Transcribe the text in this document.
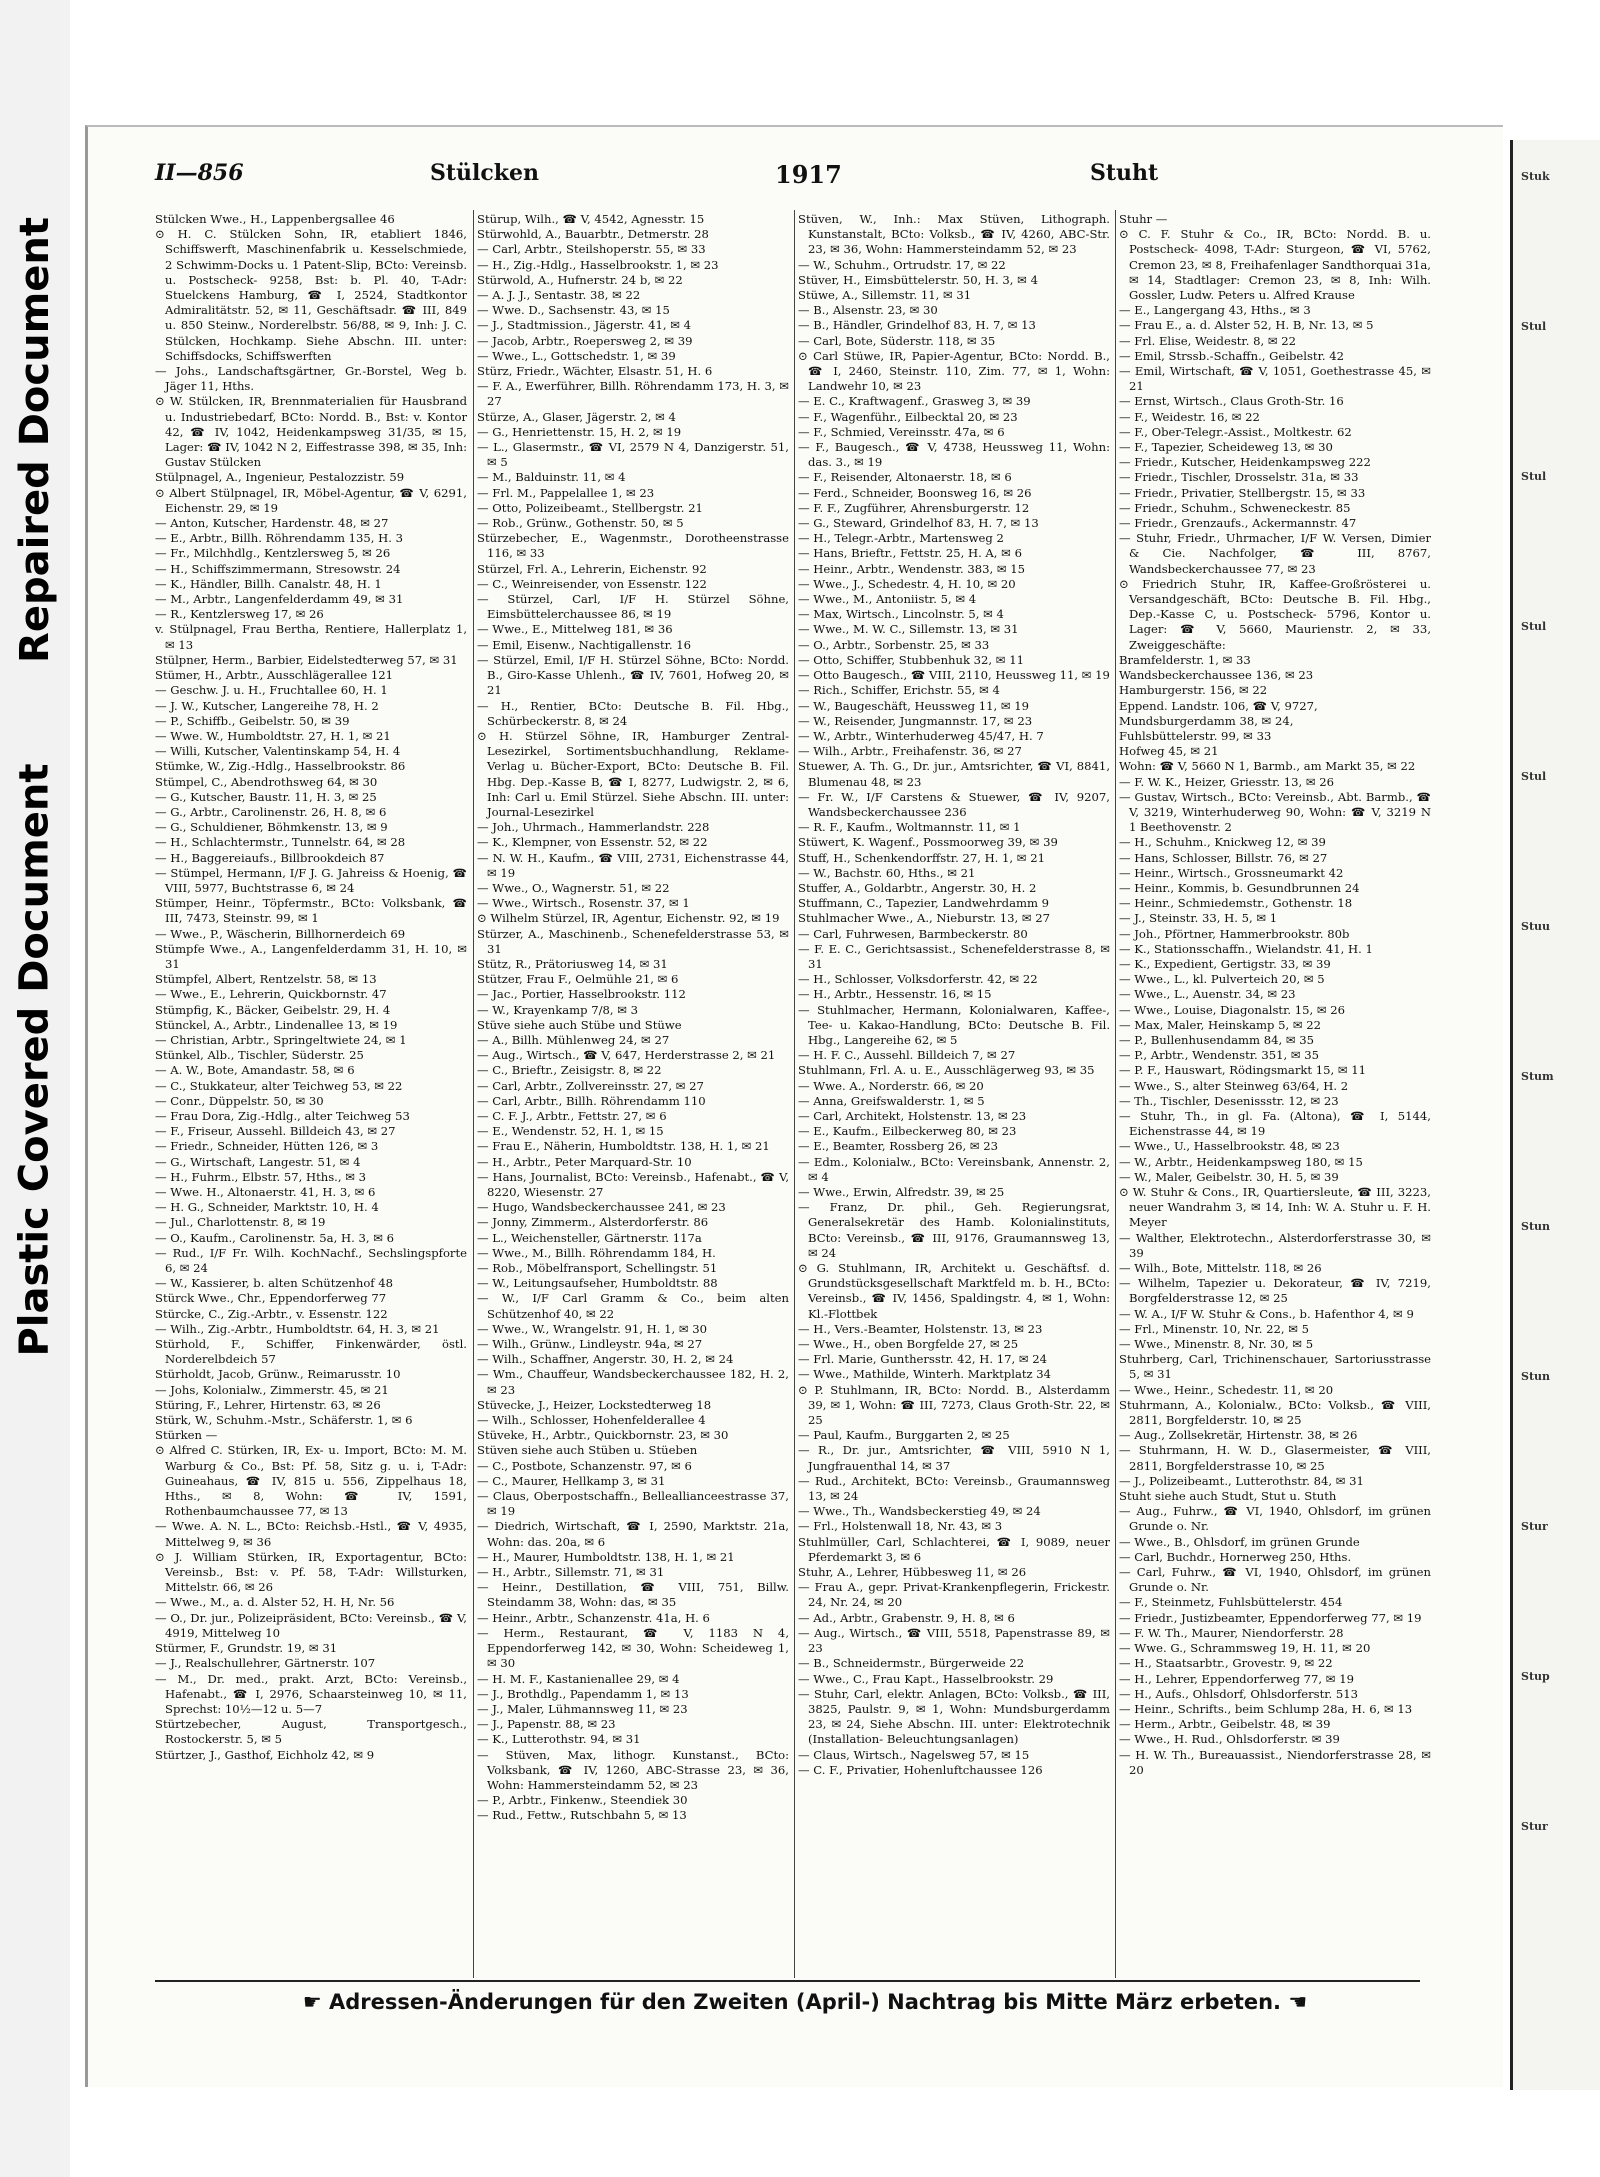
Repaired Document
Plastic Covered Document
Stuk
Stul
Stul
Stul
Stul
Stuu
Stum
Stun
Stun
Stur
Stup
Stur
II—856	Stülcken	1917	Stuht

Stülcken Wwe., H., Lappenbergsallee 46

⊙ H. C. Stülcken Sohn, IR, etabliert 1846, Schiffswerft, Maschinenfabrik u. Kesselschmiede, 2 Schwimm-Docks u. 1 Patent-Slip, BCto: Vereinsb. u. Postscheck- 9258, Bst: b. Pl. 40, T-Adr: Stuelckens Hamburg, ☎ I, 2524, Stadtkontor Admiralitätstr. 52, ✉ 11, Geschäftsadr. ☎ III, 849 u. 850 Steinw., Norderelbstr. 56/88, ✉ 9, Inh: J. C. Stülcken, Hochkamp. Siehe Abschn. III. unter: Schiffsdocks, Schiffswerften

— Johs., Landschaftsgärtner, Gr.-Borstel, Weg b. Jäger 11, Hths.

⊙ W. Stülcken, IR, Brennmaterialien für Hausbrand u. Industriebedarf, BCto: Nordd. B., Bst: v. Kontor 42, ☎ IV, 1042, Heidenkampsweg 31/35, ✉ 15, Lager: ☎ IV, 1042 N 2, Eiffestrasse 398, ✉ 35, Inh: Gustav Stülcken

Stülpnagel, A., Ingenieur, Pestalozzistr. 59

⊙ Albert Stülpnagel, IR, Möbel-Agentur, ☎ V, 6291, Eichenstr. 29, ✉ 19

— Anton, Kutscher, Hardenstr. 48, ✉ 27

— E., Arbtr., Billh. Röhrendamm 135, H. 3

— Fr., Milchhdlg., Kentzlersweg 5, ✉ 26

— H., Schiffszimmermann, Stresowstr. 24

— K., Händler, Billh. Canalstr. 48, H. 1

— M., Arbtr., Langenfelderdamm 49, ✉ 31

— R., Kentzlersweg 17, ✉ 26

v. Stülpnagel, Frau Bertha, Rentiere, Hallerplatz 1, ✉ 13

Stülpner, Herm., Barbier, Eidelstedterweg 57, ✉ 31

Stümer, H., Arbtr., Ausschlägerallee 121

— Geschw. J. u. H., Fruchtallee 60, H. 1

— J. W., Kutscher, Langereihe 78, H. 2

— P., Schiffb., Geibelstr. 50, ✉ 39

— Wwe. W., Humboldtstr. 27, H. 1, ✉ 21

— Willi, Kutscher, Valentinskamp 54, H. 4

Stümke, W., Zig.-Hdlg., Hasselbrookstr. 86

Stümpel, C., Abendrothsweg 64, ✉ 30

— G., Kutscher, Baustr. 11, H. 3, ✉ 25

— G., Arbtr., Carolinenstr. 26, H. 8, ✉ 6

— G., Schuldiener, Böhmkenstr. 13, ✉ 9

— H., Schlachtermstr., Tunnelstr. 64, ✉ 28

— H., Baggereiaufs., Billbrookdeich 87

— Stümpel, Hermann, I/F J. G. Jahreiss & Hoenig, ☎ VIII, 5977, Buchtstrasse 6, ✉ 24

Stümper, Heinr., Töpfermstr., BCto: Volksbank, ☎ III, 7473, Steinstr. 99, ✉ 1

— Wwe., P., Wäscherin, Billhornerdeich 69

Stümpfe Wwe., A., Langenfelderdamm 31, H. 10, ✉ 31

Stümpfel, Albert, Rentzelstr. 58, ✉ 13

— Wwe., E., Lehrerin, Quickbornstr. 47

Stümpfig, K., Bäcker, Geibelstr. 29, H. 4

Stünckel, A., Arbtr., Lindenallee 13, ✉ 19

— Christian, Arbtr., Springeltwiete 24, ✉ 1

Stünkel, Alb., Tischler, Süderstr. 25

— A. W., Bote, Amandastr. 58, ✉ 6

— C., Stukkateur, alter Teichweg 53, ✉ 22

— Conr., Düppelstr. 50, ✉ 30

— Frau Dora, Zig.-Hdlg., alter Teichweg 53

— F., Friseur, Aussehl. Billdeich 43, ✉ 27

— Friedr., Schneider, Hütten 126, ✉ 3

— G., Wirtschaft, Langestr. 51, ✉ 4

— H., Fuhrm., Elbstr. 57, Hths., ✉ 3

— Wwe. H., Altonaerstr. 41, H. 3, ✉ 6

— H. G., Schneider, Marktstr. 10, H. 4

— Jul., Charlottenstr. 8, ✉ 19

— O., Kaufm., Carolinenstr. 5a, H. 3, ✉ 6

— Rud., I/F Fr. Wilh. KochNachf., Sechslingspforte 6, ✉ 24

— W., Kassierer, b. alten Schützenhof 48

Stürck Wwe., Chr., Eppendorferweg 77

Stürcke, C., Zig.-Arbtr., v. Essenstr. 122

— Wilh., Zig.-Arbtr., Humboldtstr. 64, H. 3, ✉ 21

Stürhold, F., Schiffer, Finkenwärder, östl. Norderelbdeich 57

Stürholdt, Jacob, Grünw., Reimarusstr. 10

— Johs, Kolonialw., Zimmerstr. 45, ✉ 21

Stüring, F., Lehrer, Hirtenstr. 63, ✉ 26

Stürk, W., Schuhm.-Mstr., Schäferstr. 1, ✉ 6

Stürken —

⊙ Alfred C. Stürken, IR, Ex- u. Import, BCto: M. M. Warburg & Co., Bst: Pf. 58, Sitz g. u. i, T-Adr: Guineahaus, ☎ IV, 815 u. 556, Zippelhaus 18, Hths., ✉ 8, Wohn: ☎ IV, 1591, Rothenbaumchaussee 77, ✉ 13

— Wwe. A. N. L., BCto: Reichsb.-Hstl., ☎ V, 4935, Mittelweg 9, ✉ 36

⊙ J. William Stürken, IR, Exportagentur, BCto: Vereinsb., Bst: v. Pf. 58, T-Adr: Willsturken, Mittelstr. 66, ✉ 26

— Wwe., M., a. d. Alster 52, H. H, Nr. 56

— O., Dr. jur., Polizeipräsident, BCto: Vereinsb., ☎ V, 4919, Mittelweg 10

Stürmer, F., Grundstr. 19, ✉ 31

— J., Realschullehrer, Gärtnerstr. 107

— M., Dr. med., prakt. Arzt, BCto: Vereinsb., Hafenabt., ☎ I, 2976, Schaarsteinweg 10, ✉ 11, Sprechst: 10½—12 u. 5—7

Stürtzebecher, August, Transportgesch., Rostockerstr. 5, ✉ 5

Stürtzer, J., Gasthof, Eichholz 42, ✉ 9

Stürup, Wilh., ☎ V, 4542, Agnesstr. 15

Stürwohld, A., Bauarbtr., Detmerstr. 28

— Carl, Arbtr., Steilshoperstr. 55, ✉ 33

— H., Zig.-Hdlg., Hasselbrookstr. 1, ✉ 23

Stürwold, A., Hufnerstr. 24 b, ✉ 22

— A. J. J., Sentastr. 38, ✉ 22

— Wwe. D., Sachsenstr. 43, ✉ 15

— J., Stadtmission., Jägerstr. 41, ✉ 4

— Jacob, Arbtr., Roepersweg 2, ✉ 39

— Wwe., L., Gottschedstr. 1, ✉ 39

Stürz, Friedr., Wächter, Elsastr. 51, H. 6

— F. A., Ewerführer, Billh. Röhrendamm 173, H. 3, ✉ 27

Stürze, A., Glaser, Jägerstr. 2, ✉ 4

— G., Henriettenstr. 15, H. 2, ✉ 19

— L., Glasermstr., ☎ VI, 2579 N 4, Danzigerstr. 51, ✉ 5

— M., Balduinstr. 11, ✉ 4

— Frl. M., Pappelallee 1, ✉ 23

— Otto, Polizeibeamt., Stellbergstr. 21

— Rob., Grünw., Gothenstr. 50, ✉ 5

Stürzebecher, E., Wagenmstr., Dorotheenstrasse 116, ✉ 33

Stürzel, Frl. A., Lehrerin, Eichenstr. 92

— C., Weinreisender, von Essenstr. 122

— Stürzel, Carl, I/F H. Stürzel Söhne, Eimsbüttelerchaussee 86, ✉ 19

— Wwe., E., Mittelweg 181, ✉ 36

— Emil, Eisenw., Nachtigallenstr. 16

— Stürzel, Emil, I/F H. Stürzel Söhne, BCto: Nordd. B., Giro-Kasse Uhlenh., ☎ IV, 7601, Hofweg 20, ✉ 21

— H., Rentier, BCto: Deutsche B. Fil. Hbg., Schürbeckerstr. 8, ✉ 24

⊙ H. Stürzel Söhne, IR, Hamburger Zentral-Lesezirkel, Sortimentsbuchhandlung, Reklame-Verlag u. Bücher-Export, BCto: Deutsche B. Fil. Hbg. Dep.-Kasse B, ☎ I, 8277, Ludwigstr. 2, ✉ 6, Inh: Carl u. Emil Stürzel. Siehe Abschn. III. unter: Journal-Lesezirkel

— Joh., Uhrmach., Hammerlandstr. 228

— K., Klempner, von Essenstr. 52, ✉ 22

— N. W. H., Kaufm., ☎ VIII, 2731, Eichenstrasse 44, ✉ 19

— Wwe., O., Wagnerstr. 51, ✉ 22

— Wwe., Wirtsch., Rosenstr. 37, ✉ 1

⊙ Wilhelm Stürzel, IR, Agentur, Eichenstr. 92, ✉ 19

Stürzer, A., Maschinenb., Schenefelderstrasse 53, ✉ 31

Stütz, R., Prätoriusweg 14, ✉ 31

Stützer, Frau F., Oelmühle 21, ✉ 6

— Jac., Portier, Hasselbrookstr. 112

— W., Krayenkamp 7/8, ✉ 3

Stüve siehe auch Stübe und Stüwe

— A., Billh. Mühlenweg 24, ✉ 27

— Aug., Wirtsch., ☎ V, 647, Herderstrasse 2, ✉ 21

— C., Brieftr., Zeisigstr. 8, ✉ 22

— Carl, Arbtr., Zollvereinsstr. 27, ✉ 27

— Carl, Arbtr., Billh. Röhrendamm 110

— C. F. J., Arbtr., Fettstr. 27, ✉ 6

— E., Wendenstr. 52, H. 1, ✉ 15

— Frau E., Näherin, Humboldtstr. 138, H. 1, ✉ 21

— H., Arbtr., Peter Marquard-Str. 10

— Hans, Journalist, BCto: Vereinsb., Hafenabt., ☎ V, 8220, Wiesenstr. 27

— Hugo, Wandsbeckerchaussee 241, ✉ 23

— Jonny, Zimmerm., Alsterdorferstr. 86

— L., Weichensteller, Gärtnerstr. 117a

— Wwe., M., Billh. Röhrendamm 184, H.

— Rob., Möbelfransport, Schellingstr. 51

— W., Leitungsaufseher, Humboldtstr. 88

— W., I/F Carl Gramm & Co., beim alten Schützenhof 40, ✉ 22

— Wwe., W., Wrangelstr. 91, H. 1, ✉ 30

— Wilh., Grünw., Lindleystr. 94a, ✉ 27

— Wilh., Schaffner, Angerstr. 30, H. 2, ✉ 24

— Wm., Chauffeur, Wandsbeckerchaussee 182, H. 2, ✉ 23

Stüvecke, J., Heizer, Lockstedterweg 18

— Wilh., Schlosser, Hohenfelderallee 4

Stüveke, H., Arbtr., Quickbornstr. 23, ✉ 30

Stüven siehe auch Stüben u. Stüeben

— C., Postbote, Schanzenstr. 97, ✉ 6

— C., Maurer, Hellkamp 3, ✉ 31

— Claus, Oberpostschaffn., Belleallianceestrasse 37, ✉ 19

— Diedrich, Wirtschaft, ☎ I, 2590, Marktstr. 21a, Wohn: das. 20a, ✉ 6

— H., Maurer, Humboldtstr. 138, H. 1, ✉ 21

— H., Arbtr., Sillemstr. 71, ✉ 31

— Heinr., Destillation, ☎ VIII, 751, Billw. Steindamm 38, Wohn: das, ✉ 35

— Heinr., Arbtr., Schanzenstr. 41a, H. 6

— Herm., Restaurant, ☎ V, 1183 N 4, Eppendorferweg 142, ✉ 30, Wohn: Scheideweg 1, ✉ 30

— H. M. F., Kastanienallee 29, ✉ 4

— J., Brothdlg., Papendamm 1, ✉ 13

— J., Maler, Lühmannsweg 11, ✉ 23

— J., Papenstr. 88, ✉ 23

— K., Lutterothstr. 94, ✉ 31

— Stüven, Max, lithogr. Kunstanst., BCto: Volksbank, ☎ IV, 1260, ABC-Strasse 23, ✉ 36, Wohn: Hammersteindamm 52, ✉ 23

— P., Arbtr., Finkenw., Steendiek 30

— Rud., Fettw., Rutschbahn 5, ✉ 13

Stüven, W., Inh.: Max Stüven, Lithograph. Kunstanstalt, BCto: Volksb., ☎ IV, 4260, ABC-Str. 23, ✉ 36, Wohn: Hammersteindamm 52, ✉ 23

— W., Schuhm., Ortrudstr. 17, ✉ 22

Stüver, H., Eimsbüttelerstr. 50, H. 3, ✉ 4

Stüwe, A., Sillemstr. 11, ✉ 31

— B., Alsenstr. 23, ✉ 30

— B., Händler, Grindelhof 83, H. 7, ✉ 13

— Carl, Bote, Süderstr. 118, ✉ 35

⊙ Carl Stüwe, IR, Papier-Agentur, BCto: Nordd. B., ☎ I, 2460, Steinstr. 110, Zim. 77, ✉ 1, Wohn: Landwehr 10, ✉ 23

— E. C., Kraftwagenf., Grasweg 3, ✉ 39

— F., Wagenführ., Eilbecktal 20, ✉ 23

— F., Schmied, Vereinsstr. 47a, ✉ 6

— F., Baugesch., ☎ V, 4738, Heussweg 11, Wohn: das. 3., ✉ 19

— F., Reisender, Altonaerstr. 18, ✉ 6

— Ferd., Schneider, Boonsweg 16, ✉ 26

— F. F., Zugführer, Ahrensburgerstr. 12

— G., Steward, Grindelhof 83, H. 7, ✉ 13

— H., Telegr.-Arbtr., Martensweg 2

— Hans, Brieftr., Fettstr. 25, H. A, ✉ 6

— Heinr., Arbtr., Wendenstr. 383, ✉ 15

— Wwe., J., Schedestr. 4, H. 10, ✉ 20

— Wwe., M., Antoniistr. 5, ✉ 4

— Max, Wirtsch., Lincolnstr. 5, ✉ 4

— Wwe., M. W. C., Sillemstr. 13, ✉ 31

— O., Arbtr., Sorbenstr. 25, ✉ 33

— Otto, Schiffer, Stubbenhuk 32, ✉ 11

— Otto Baugesch., ☎ VIII, 2110, Heussweg 11, ✉ 19

— Rich., Schiffer, Erichstr. 55, ✉ 4

— W., Baugeschäft, Heussweg 11, ✉ 19

— W., Reisender, Jungmannstr. 17, ✉ 23

— W., Arbtr., Winterhuderweg 45/47, H. 7

— Wilh., Arbtr., Freihafenstr. 36, ✉ 27

Stuewer, A. Th. G., Dr. jur., Amtsrichter, ☎ VI, 8841, Blumenau 48, ✉ 23

— Fr. W., I/F Carstens & Stuewer, ☎ IV, 9207, Wandsbeckerchaussee 236

— R. F., Kaufm., Woltmannstr. 11, ✉ 1

Stüwert, K. Wagenf., Possmoorweg 39, ✉ 39

Stuff, H., Schenkendorffstr. 27, H. 1, ✉ 21

— W., Bachstr. 60, Hths., ✉ 21

Stuffer, A., Goldarbtr., Angerstr. 30, H. 2

Stuffmann, C., Tapezier, Landwehrdamm 9

Stuhlmacher Wwe., A., Nieburstr. 13, ✉ 27

— Carl, Fuhrwesen, Barmbeckerstr. 80

— F. E. C., Gerichtsassist., Schenefelderstrasse 8, ✉ 31

— H., Schlosser, Volksdorferstr. 42, ✉ 22

— H., Arbtr., Hessenstr. 16, ✉ 15

— Stuhlmacher, Hermann, Kolonialwaren, Kaffee-, Tee- u. Kakao-Handlung, BCto: Deutsche B. Fil. Hbg., Langereihe 62, ✉ 5

— H. F. C., Aussehl. Billdeich 7, ✉ 27

Stuhlmann, Frl. A. u. E., Ausschlägerweg 93, ✉ 35

— Wwe. A., Norderstr. 66, ✉ 20

— Anna, Greifswalderstr. 1, ✉ 5

— Carl, Architekt, Holstenstr. 13, ✉ 23

— E., Kaufm., Eilbeckerweg 80, ✉ 23

— E., Beamter, Rossberg 26, ✉ 23

— Edm., Kolonialw., BCto: Vereinsbank, Annenstr. 2, ✉ 4

— Wwe., Erwin, Alfredstr. 39, ✉ 25

— Franz, Dr. phil., Geh. Regierungsrat, Generalsekretär des Hamb. Kolonialinstituts, BCto: Vereinsb., ☎ III, 9176, Graumannsweg 13, ✉ 24

⊙ G. Stuhlmann, IR, Architekt u. Geschäftsf. d. Grundstücksgesellschaft Marktfeld m. b. H., BCto: Vereinsb., ☎ IV, 1456, Spaldingstr. 4, ✉ 1, Wohn: Kl.-Flottbek

— H., Vers.-Beamter, Holstenstr. 13, ✉ 23

— Wwe., H., oben Borgfelde 27, ✉ 25

— Frl. Marie, Gunthersstr. 42, H. 17, ✉ 24

— Wwe., Mathilde, Winterh. Marktplatz 34

⊙ P. Stuhlmann, IR, BCto: Nordd. B., Alsterdamm 39, ✉ 1, Wohn: ☎ III, 7273, Claus Groth-Str. 22, ✉ 25

— Paul, Kaufm., Burggarten 2, ✉ 25

— R., Dr. jur., Amtsrichter, ☎ VIII, 5910 N 1, Jungfrauenthal 14, ✉ 37

— Rud., Architekt, BCto: Vereinsb., Graumannsweg 13, ✉ 24

— Wwe., Th., Wandsbeckerstieg 49, ✉ 24

— Frl., Holstenwall 18, Nr. 43, ✉ 3

Stuhlmüller, Carl, Schlachterei, ☎ I, 9089, neuer Pferdemarkt 3, ✉ 6

Stuhr, A., Lehrer, Hübbesweg 11, ✉ 26

— Frau A., gepr. Privat-Krankenpflegerin, Frickestr. 24, Nr. 24, ✉ 20

— Ad., Arbtr., Grabenstr. 9, H. 8, ✉ 6

— Aug., Wirtsch., ☎ VIII, 5518, Papenstrasse 89, ✉ 23

— B., Schneidermstr., Bürgerweide 22

— Wwe., C., Frau Kapt., Hasselbrookstr. 29

— Stuhr, Carl, elektr. Anlagen, BCto: Volksb., ☎ III, 3825, Paulstr. 9, ✉ 1, Wohn: Mundsburgerdamm 23, ✉ 24, Siehe Abschn. III. unter: Elektrotechnik (Installation- Beleuchtungsanlagen)

— Claus, Wirtsch., Nagelsweg 57, ✉ 15

— C. F., Privatier, Hohenluftchaussee 126

Stuhr —

⊙ C. F. Stuhr & Co., IR, BCto: Nordd. B. u. Postscheck- 4098, T-Adr: Sturgeon, ☎ VI, 5762, Cremon 23, ✉ 8, Freihafenlager Sandthorquai 31a, ✉ 14, Stadtlager: Cremon 23, ✉ 8, Inh: Wilh. Gossler, Ludw. Peters u. Alfred Krause

— E., Langergang 43, Hths., ✉ 3

— Frau E., a. d. Alster 52, H. B, Nr. 13, ✉ 5

— Frl. Elise, Weidestr. 8, ✉ 22

— Emil, Strssb.-Schaffn., Geibelstr. 42

— Emil, Wirtschaft, ☎ V, 1051, Goethestrasse 45, ✉ 21

— Ernst, Wirtsch., Claus Groth-Str. 16

— F., Weidestr. 16, ✉ 22

— F., Ober-Telegr.-Assist., Moltkestr. 62

— F., Tapezier, Scheideweg 13, ✉ 30

— Friedr., Kutscher, Heidenkampsweg 222

— Friedr., Tischler, Drosselstr. 31a, ✉ 33

— Friedr., Privatier, Stellbergstr. 15, ✉ 33

— Friedr., Schuhm., Schweneckestr. 85

— Friedr., Grenzaufs., Ackermannstr. 47

— Stuhr, Friedr., Uhrmacher, I/F W. Versen, Dimier & Cie. Nachfolger, ☎ III, 8767, Wandsbeckerchaussee 77, ✉ 23

⊙ Friedrich Stuhr, IR, Kaffee-Großrösterei u. Versandgeschäft, BCto: Deutsche B. Fil. Hbg., Dep.-Kasse C, u. Postscheck- 5796, Kontor u. Lager: ☎ V, 5660, Maurienstr. 2, ✉ 33, Zweiggeschäfte:

Bramfelderstr. 1, ✉ 33

Wandsbeckerchaussee 136, ✉ 23

Hamburgerstr. 156, ✉ 22

Eppend. Landstr. 106, ☎ V, 9727,

Mundsburgerdamm 38, ✉ 24,

Fuhlsbüttelerstr. 99, ✉ 33

Hofweg 45, ✉ 21

Wohn: ☎ V, 5660 N 1, Barmb., am Markt 35, ✉ 22

— F. W. K., Heizer, Griesstr. 13, ✉ 26

— Gustav, Wirtsch., BCto: Vereinsb., Abt. Barmb., ☎ V, 3219, Winterhuderweg 90, Wohn: ☎ V, 3219 N 1 Beethovenstr. 2

— H., Schuhm., Knickweg 12, ✉ 39

— Hans, Schlosser, Billstr. 76, ✉ 27

— Heinr., Wirtsch., Grossneumarkt 42

— Heinr., Kommis, b. Gesundbrunnen 24

— Heinr., Schmiedemstr., Gothenstr. 18

— J., Steinstr. 33, H. 5, ✉ 1

— Joh., Pförtner, Hammerbrookstr. 80b

— K., Stationsschaffn., Wielandstr. 41, H. 1

— K., Expedient, Gertigstr. 33, ✉ 39

— Wwe., L., kl. Pulverteich 20, ✉ 5

— Wwe., L., Auenstr. 34, ✉ 23

— Wwe., Louise, Diagonalstr. 15, ✉ 26

— Max, Maler, Heinskamp 5, ✉ 22

— P., Bullenhusendamm 84, ✉ 35

— P., Arbtr., Wendenstr. 351, ✉ 35

— P. F., Hauswart, Rödingsmarkt 15, ✉ 11

— Wwe., S., alter Steinweg 63/64, H. 2

— Th., Tischler, Desenissstr. 12, ✉ 23

— Stuhr, Th., in gl. Fa. (Altona), ☎ I, 5144, Eichenstrasse 44, ✉ 19

— Wwe., U., Hasselbrookstr. 48, ✉ 23

— W., Arbtr., Heidenkampsweg 180, ✉ 15

— W., Maler, Geibelstr. 30, H. 5, ✉ 39

⊙ W. Stuhr & Cons., IR, Quartiersleute, ☎ III, 3223, neuer Wandrahm 3, ✉ 14, Inh: W. A. Stuhr u. F. H. Meyer

— Walther, Elektrotechn., Alsterdorferstrasse 30, ✉ 39

— Wilh., Bote, Mittelstr. 118, ✉ 26

— Wilhelm, Tapezier u. Dekorateur, ☎ IV, 7219, Borgfelderstrasse 12, ✉ 25

— W. A., I/F W. Stuhr & Cons., b. Hafenthor 4, ✉ 9

— Frl., Minenstr. 10, Nr. 22, ✉ 5

— Wwe., Minenstr. 8, Nr. 30, ✉ 5

Stuhrberg, Carl, Trichinenschauer, Sartoriusstrasse 5, ✉ 31

— Wwe., Heinr., Schedestr. 11, ✉ 20

Stuhrmann, A., Kolonialw., BCto: Volksb., ☎ VIII, 2811, Borgfelderstr. 10, ✉ 25

— Aug., Zollsekretär, Hirtenstr. 38, ✉ 26

— Stuhrmann, H. W. D., Glasermeister, ☎ VIII, 2811, Borgfelderstrasse 10, ✉ 25

— J., Polizeibeamt., Lutterothstr. 84, ✉ 31

Stuht siehe auch Studt, Stut u. Stuth

— Aug., Fuhrw., ☎ VI, 1940, Ohlsdorf, im grünen Grunde o. Nr.

— Wwe., B., Ohlsdorf, im grünen Grunde

— Carl, Buchdr., Hornerweg 250, Hths.

— Carl, Fuhrw., ☎ VI, 1940, Ohlsdorf, im grünen Grunde o. Nr.

— F., Steinmetz, Fuhlsbüttelerstr. 454

— Friedr., Justizbeamter, Eppendorferweg 77, ✉ 19

— F. W. Th., Maurer, Niendorferstr. 28

— Wwe. G., Schrammsweg 19, H. 11, ✉ 20

— H., Staatsarbtr., Grovestr. 9, ✉ 22

— H., Lehrer, Eppendorferweg 77, ✉ 19

— H., Aufs., Ohlsdorf, Ohlsdorferstr. 513

— Heinr., Schrifts., beim Schlump 28a, H. 6, ✉ 13

— Herm., Arbtr., Geibelstr. 48, ✉ 39

— Wwe., H. Rud., Ohlsdorferstr. ✉ 39

— H. W. Th., Bureauassist., Niendorferstrasse 28, ✉ 20

☛ Adressen-Änderungen für den Zweiten (April-) Nachtrag bis Mitte März erbeten. ☚
